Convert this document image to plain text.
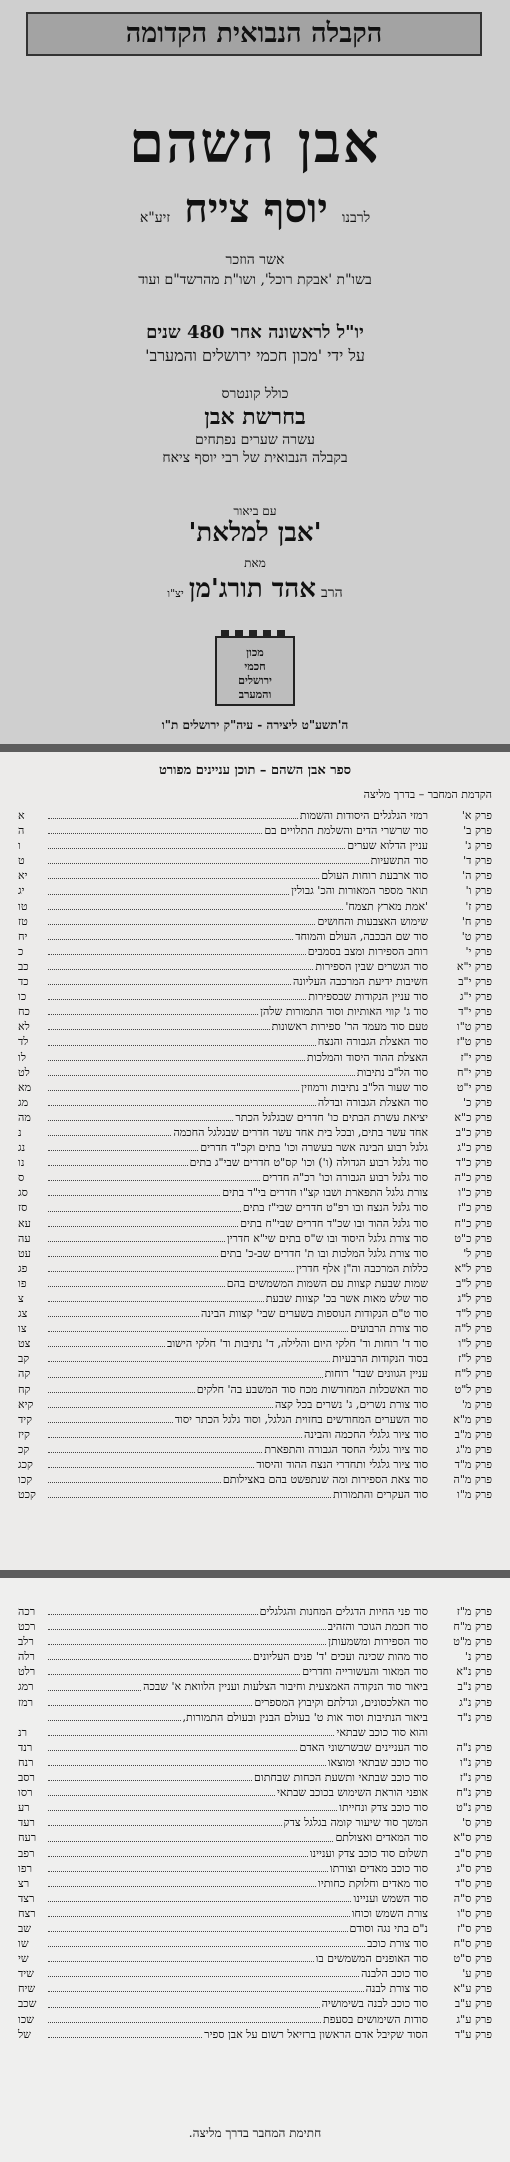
הקבלה הנבואית הקדומה
אבן השהם
לרבנו יוסף צייח זיע"א
אשר הוזכר
בשו"ת 'אבקת רוכל', ושו"ת מהרשד"ם ועוד
יו"ל לראשונה אחר 480 שנים
על ידי 'מכון חכמי ירושלים והמערב'
כולל קונטרס
בחרשת אבן
עשרה שערים נפתחים
בקבלה הנבואית של רבי יוסף ציאח
עם ביאור
'אבן למלאת'
מאת
הרב אהד תורג'מן יצ"ו
מכון
חכמי
ירושלים
והמערב
ה'תשע"ט ליצירה - עיה"ק ירושלים ת"ו
ספר אבן השהם – תוכן עניינים מפורט
הקדמת המחבר – בדרך מליצה
פרק א'
רמזי הגלגלים היסודות והשמות
א
פרק ב'
סוד שרשרי הדים והשלמת התלויים בם
ה
פרק ג'
עניין הדלוא שערים
ו
פרק ד'
סוד התשעיות
ט
פרק ה'
סוד ארבעת רוחות העולם
יא
פרק ו'
תואר מספר המאורות והכ' גבולין
יג
פרק ז'
'אמת מארץ תצמח'
טו
פרק ח'
שימוש האצבעות והחושים
טז
פרק ט'
סוד שם הבכבה, העולם והמוחד
יח
פרק י'
רוחב הספירות ומצב בסמבים
כ
פרק י"א
סוד הגשרים שבין הספירות
כב
פרק י"ב
חשיבות ידיעת המרכבה העליונה
כד
פרק י"ג
סוד עניין הנקודות שבספירות
כו
פרק י"ד
סוד ג' קווי האותיות וסוד התמורות שלהן
כח
פרק ט"ו
טעם סוד מעמד הר' ספירות ראשונות
לא
פרק ט"ז
סוד האצלת הגבורה והנצח
לד
פרק י"ז
האצלת ההוד היסוד והמלכות
לו
פרק י"ח
סוד הל"ב נתיבות
לט
פרק י"ט
סוד שעור הל"ב נתיבות ורמוזין
מא
פרק כ'
סוד האצלת הגבורה ובדלה
מג
פרק כ"א
יציאת עשרת הבתים כו' חדרים שבגלגל הכתר
מה
פרק כ"ב
אחד עשר בתים, ובכל בית אחד עשר חדרים שבגלגל החכמה
נ
פרק כ"ג
גלגל רבוע הבינה אשר בעשרה וכו' בתים וקכ"ד חדרים
נג
פרק כ"ד
סוד גלגל רבוע הגדולה (ו') וכו' קס"ט חדרים שבי"ג בתים
נו
פרק כ"ה
סוד גלגל רבוע הגבורה וכו' רכ"ה חדרים
ס
פרק כ"ו
צורת גלגל התפארת ושבו קצ"ו חדרים בי"ד בתים
סג
פרק כ"ז
סוד גלגל הנצח ובו רפ"ט חדרים שבי"ז בתים
סז
פרק כ"ח
סוד גלגל ההוד ובו שכ"ד חדרים שבי"ח בתים
עא
פרק כ"ט
סוד צורת גלגל היסוד ובו ש"ס בתים שי"א חדרין
עה
פרק ל'
סוד צורת גלגל המלכות ובו ת' חדרים שב-כ' בתים
עט
פרק ל"א
כללות המרכבה וה"ן אלף חדרין
פג
פרק ל"ב
שמות שבעת קצוות עם השמות המשמשים בהם
פו
פרק ל"ג
סוד שלש מאות אשר בכ' קצוות שבעת
צ
פרק ל"ד
סוד ט"ם הנקודות הנוספות בשערים שבי' קצוות הבינה
צג
פרק ל"ה
סוד צורת הרבועים
צו
פרק ל"ו
סוד ד' רוחות וד' חלקי היום והלילה, ד' נתיבות וד' חלקי הישוב
צט
פרק ל"ז
בסוד הנקודות הרבעיות
קב
פרק ל"ח
עניין הגוונים שבד' רוחות
קה
פרק ל"ט
סוד האשכלות המחודשות מכח סוד המשבע בה' חלקים
קח
פרק מ'
סוד צורת נשרים, ג' נשרים בכל קצה
קיא
פרק מ"א
סוד השערים המחודשים בחזוית הגלגל, וסוד גלגל הכתר יסוד
קיד
פרק מ"ב
סוד ציור גלגלי החכמה והבינה
קיז
פרק מ"ג
סוד ציור גלגלי החסד הגבורה והתפארת
קכ
פרק מ"ד
סוד ציור גלגלי ותחדרי הנצח ההוד והיסוד
קכג
פרק מ"ה
סוד צאת הספירות ומה שנתפשט בהם באצילותם
קכו
פרק מ"ו
סוד העקרים והתמורות
קכט
פרק מ"ז
סוד פני החיות הדגלים המחנות והגלגלים
רכה
פרק מ"ח
סוד חכמת הגוכר והזהיב
רכט
פרק מ"ט
סוד הספירות ומשמעותן
רלב
פרק נ'
סוד מהות שכינה ועכים 'ד' פנים העליונים
רלה
פרק נ"א
סוד המאור והעשורייה וחדרים
רלט
פרק נ"ב
ביאור סוד הנקודה האמצעית וחיבור הצלעות ועניין הלוואת א' שבכה
רמג
פרק נ"ג
סוד האלכסונים, וגדלתם וקיבוץ המספרים
רמז
פרק נ"ד
ביאור הנתיבות וסוד אות ט' בעולם הבנין ובעולם התמורות,
והוא סוד כוכב שבתאי
רנ
פרק נ"ה
סוד העניינים שבשרשוני האדם
רנד
פרק נ"ו
סוד כוכב שבתאי ומוצאו
רנח
פרק נ"ז
סוד כוכב שבתאי ותשעת הכחות שבחתום
רסב
פרק נ"ח
אופני הוראת השימוש בכוכב שבתאי
רסו
פרק נ"ט
סוד כוכב צדק ונחייתו
רע
פרק ס'
המשך סוד שיעור קומה בגלגל צדק
רעד
פרק ס"א
סוד המאדים ואצולתם
רעח
פרק ס"ב
תשלום סוד כוכב צדק ועניינו
רפב
פרק ס"ג
סוד כוכב מאדים וצורתו
רפו
פרק ס"ד
סוד מאדים וחלוקת כחותיו
רצ
פרק ס"ה
סוד השמש ועניינו
רצד
פרק ס"ו
צורת השמש וכוחו
רצח
פרק ס"ז
נ"ם בתי נגה וסודם
שב
פרק ס"ח
סוד צורת כוכב
שו
פרק ס"ט
סוד האופנים המשמשים בו
שי
פרק ע'
סוד כוכב הלבנה
שיד
פרק ע"א
סוד צורת לבנה
שיח
פרק ע"ב
סוד כוכב לבנה בשימושיה
שכב
פרק ע"ג
סודות השימושים בסעפת
שכו
פרק ע"ד
הסוד שקיבל אדם הראשון ברזיאל רשום על אבן ספיר
של
חתימת המחבר בדרך מליצה.
